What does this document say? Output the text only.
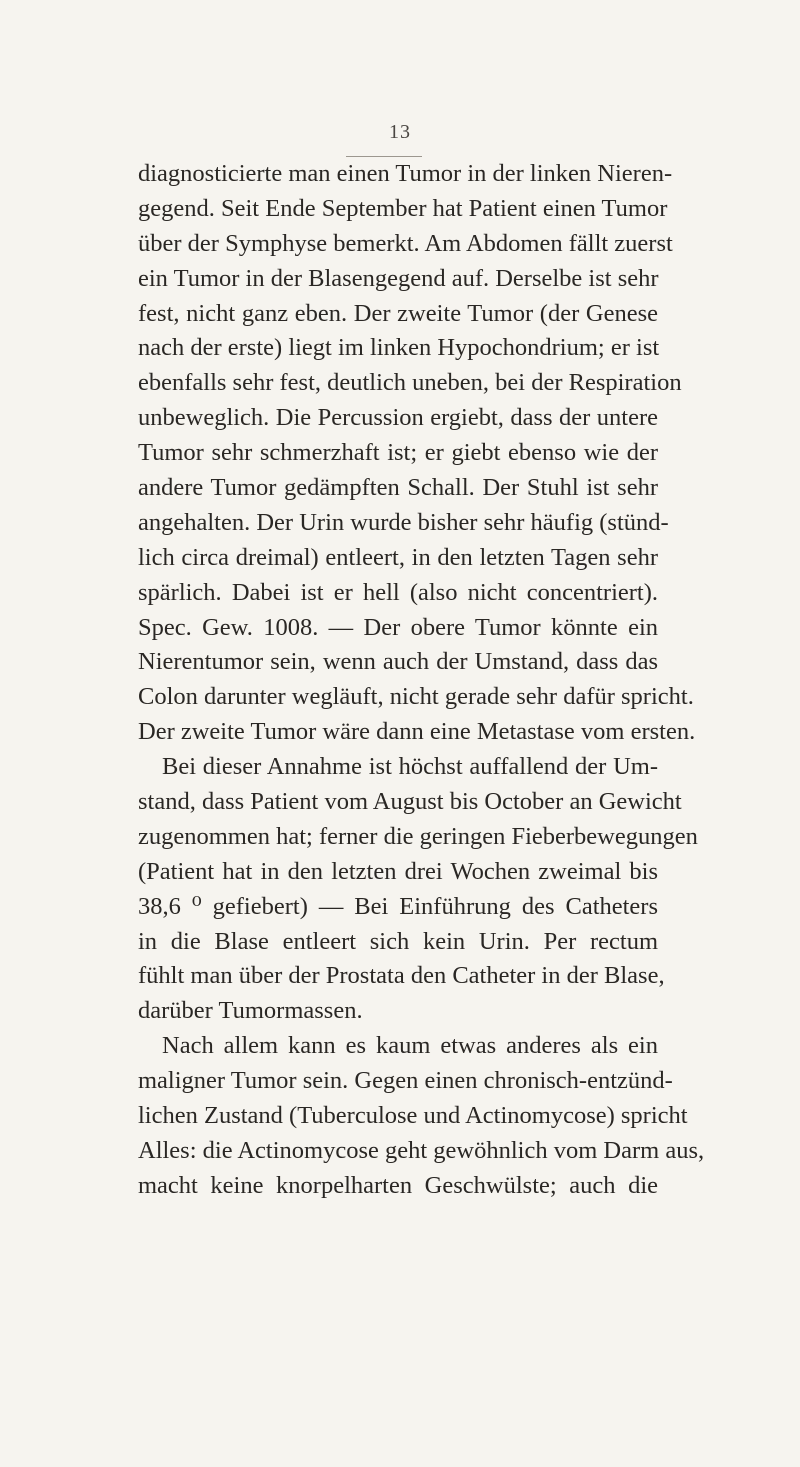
13
diagnosticierte man einen Tumor in der linken Nieren-
gegend. Seit Ende September hat Patient einen Tumor
über der Symphyse bemerkt. Am Abdomen fällt zuerst
ein Tumor in der Blasengegend auf. Derselbe ist sehr
fest, nicht ganz eben. Der zweite Tumor (der Genese
nach der erste) liegt im linken Hypochondrium; er ist
ebenfalls sehr fest, deutlich uneben, bei der Respiration
unbeweglich. Die Percussion ergiebt, dass der untere
Tumor sehr schmerzhaft ist; er giebt ebenso wie der
andere Tumor gedämpften Schall. Der Stuhl ist sehr
angehalten. Der Urin wurde bisher sehr häufig (stünd-
lich circa dreimal) entleert, in den letzten Tagen sehr
spärlich. Dabei ist er hell (also nicht concentriert).
Spec. Gew. 1008. — Der obere Tumor könnte ein
Nierentumor sein, wenn auch der Umstand, dass das
Colon darunter wegläuft, nicht gerade sehr dafür spricht.
Der zweite Tumor wäre dann eine Metastase vom ersten.
Bei dieser Annahme ist höchst auffallend der Um-
stand, dass Patient vom August bis October an Gewicht
zugenommen hat; ferner die geringen Fieberbewegungen
(Patient hat in den letzten drei Wochen zweimal bis
38,6 ⁰ gefiebert) — Bei Einführung des Catheters
in die Blase entleert sich kein Urin. Per rectum
fühlt man über der Prostata den Catheter in der Blase,
darüber Tumormassen.
Nach allem kann es kaum etwas anderes als ein
maligner Tumor sein. Gegen einen chronisch-entzünd-
lichen Zustand (Tuberculose und Actinomycose) spricht
Alles: die Actinomycose geht gewöhnlich vom Darm aus,
macht keine knorpelharten Geschwülste; auch die
